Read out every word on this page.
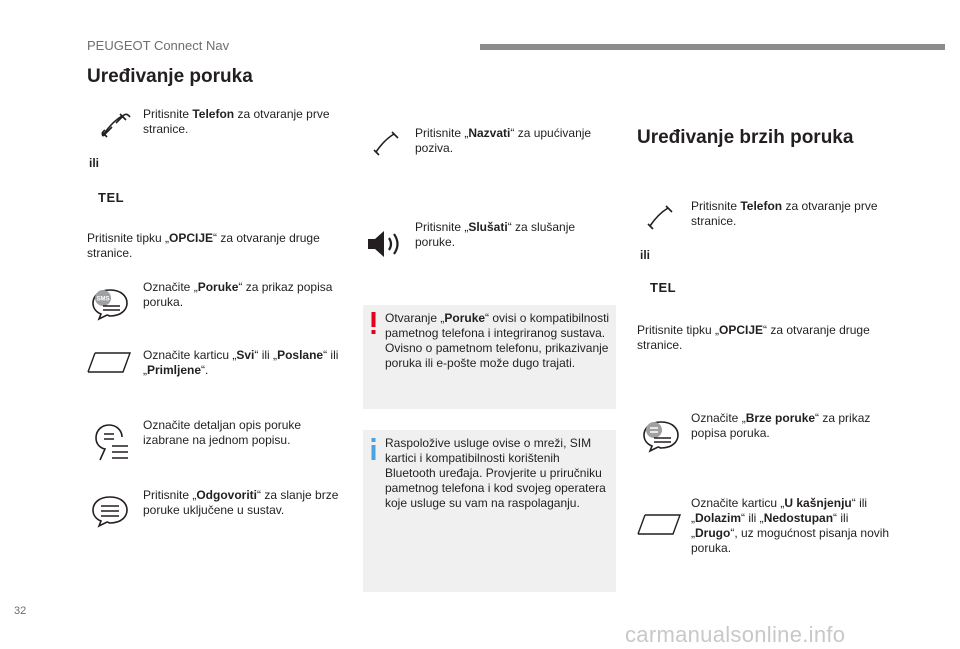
PEUGEOT Connect Nav
Uređivanje poruka
Pritisnite Telefon za otvaranje prve stranice.
ili
TEL
Pritisnite tipku „OPCIJE“ za otvaranje druge stranice.
SMS
Označite „Poruke“ za prikaz popisa poruka.
Označite karticu „Svi“ ili „Poslane“ ili „Primljene“.
Označite detaljan opis poruke izabrane na jednom popisu.
Pritisnite „Odgovoriti“ za slanje brze poruke uključene u sustav.
Pritisnite „Nazvati“ za upućivanje poziva.
Pritisnite „Slušati“ za slušanje poruke.
Otvaranje „Poruke“ ovisi o kompatibilnosti pametnog telefona i integriranog sustava. Ovisno o pametnom telefonu, prikazivanje poruka ili e-pošte može dugo trajati.
Raspoložive usluge ovise o mreži, SIM kartici i kompatibilnosti korištenih Bluetooth uređaja. Provjerite u priručniku pametnog telefona i kod svojeg operatera koje usluge su vam na raspolaganju.
Uređivanje brzih poruka
Pritisnite Telefon za otvaranje prve stranice.
ili
TEL
Pritisnite tipku „OPCIJE“ za otvaranje druge stranice.
Označite „Brze poruke“ za prikaz popisa poruka.
Označite karticu „U kašnjenju“ ili „Dolazim“ ili „Nedostupan“ ili „Drugo“, uz mogućnost pisanja novih poruka.
32
carmanualsonline.info
